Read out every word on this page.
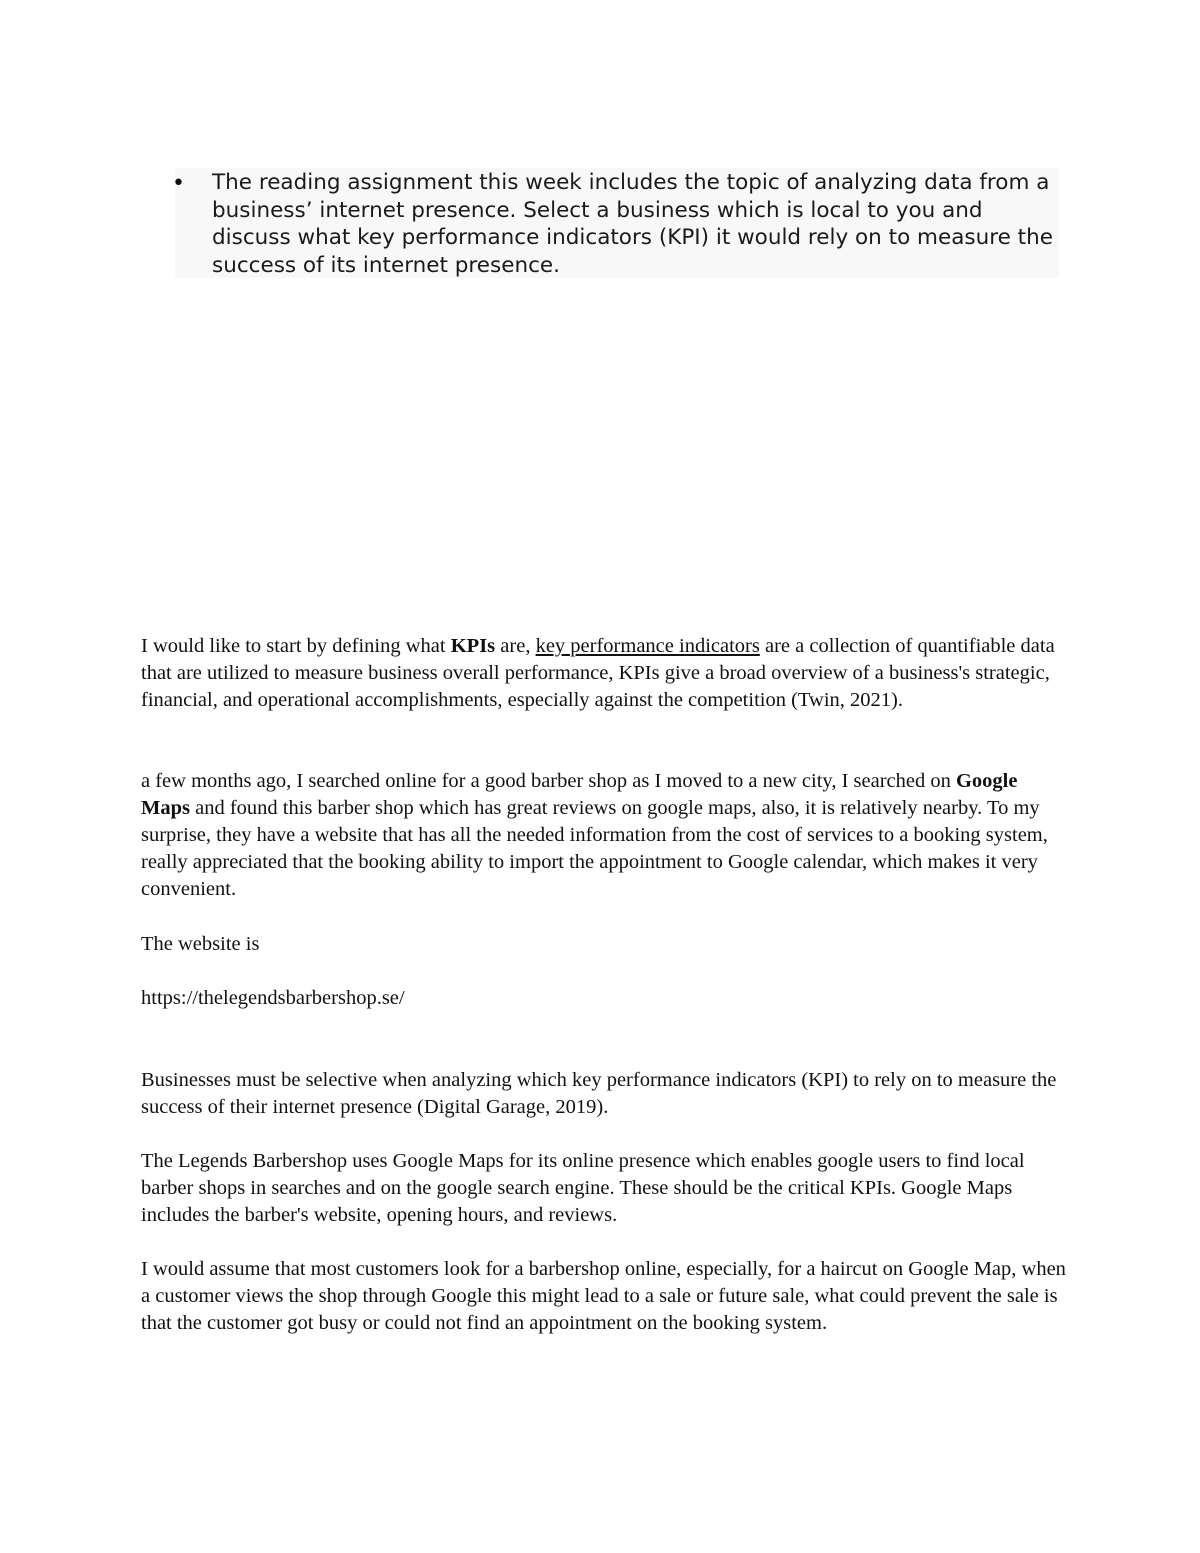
•	The reading assignment this week includes the topic of analyzing data from a business’ internet presence. Select a business which is local to you and discuss what key performance indicators (KPI) it would rely on to measure the success of its internet presence.

I would like to start by defining what KPIs are, key performance indicators are a collection of quantifiable data that are utilized to measure business overall performance, KPIs give a broad overview of a business's strategic, financial, and operational accomplishments, especially against the competition (Twin, 2021).

a few months ago, I searched online for a good barber shop as I moved to a new city, I searched on Google Maps and found this barber shop which has great reviews on google maps, also, it is relatively nearby. To my surprise, they have a website that has all the needed information from the cost of services to a booking system, really appreciated that the booking ability to import the appointment to Google calendar, which makes it very convenient.

The website is

https://thelegendsbarbershop.se/

Businesses must be selective when analyzing which key performance indicators (KPI) to rely on to measure the success of their internet presence (Digital Garage, 2019).

The Legends Barbershop uses Google Maps for its online presence which enables google users to find local barber shops in searches and on the google search engine. These should be the critical KPIs. Google Maps includes the barber's website, opening hours, and reviews.

I would assume that most customers look for a barbershop online, especially, for a haircut on Google Map, when a customer views the shop through Google this might lead to a sale or future sale, what could prevent the sale is that the customer got busy or could not find an appointment on the booking system.
